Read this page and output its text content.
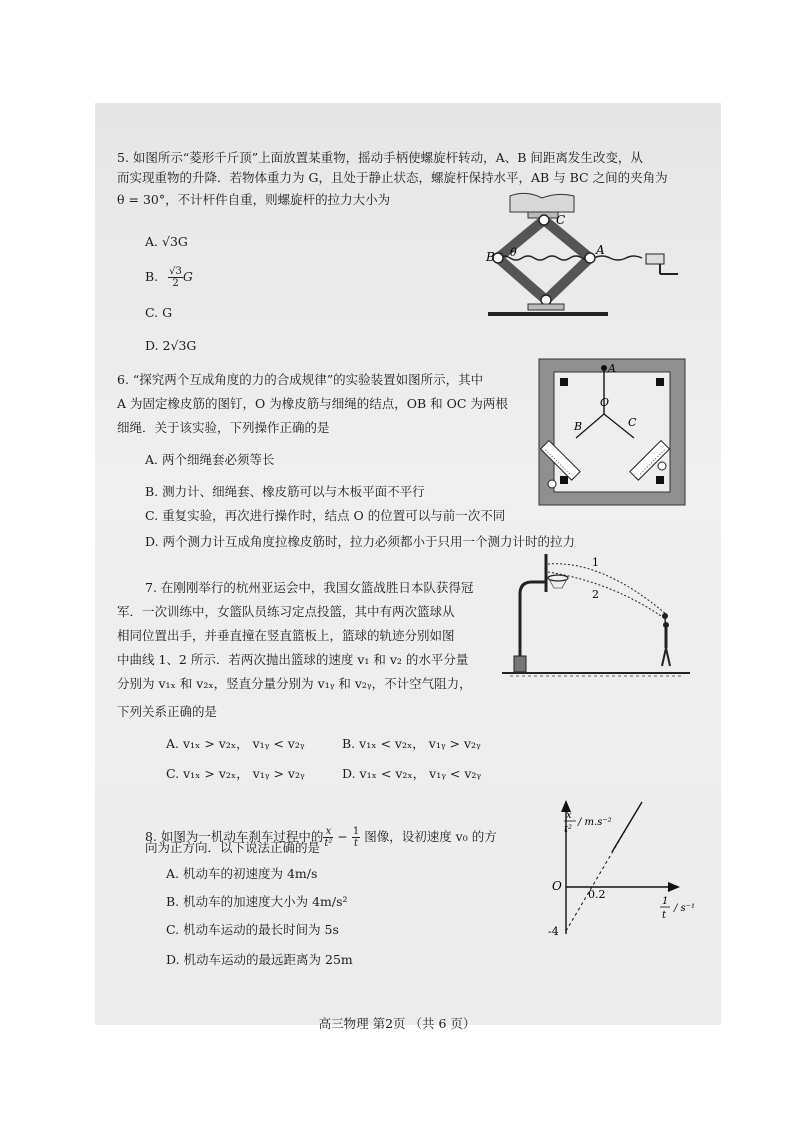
5. 如图所示“菱形千斤顶”上面放置某重物，摇动手柄使螺旋杆转动，A、B 间距离发生改变，从
而实现重物的升降．若物体重力为 G，且处于静止状态，螺旋杆保持水平，AB 与 BC 之间的夹角为
θ = 30°，不计杆件自重，则螺旋杆的拉力大小为
A. √3G
B. $\frac{√3}{2}$ G
C. G
D. 2√3G
C
B	A
θ
6. “探究两个互成角度的力的合成规律”的实验装置如图所示，其中
A 为固定橡皮筋的图钉，O 为橡皮筋与细绳的结点，OB 和 OC 为两根
细绳．关于该实验，下列操作正确的是
A. 两个细绳套必须等长
B. 测力计、细绳套、橡皮筋可以与木板平面不平行
C. 重复实验，再次进行操作时，结点 O 的位置可以与前一次不同
D. 两个测力计互成角度拉橡皮筋时，拉力必须都小于只用一个测力计时的拉力
A
O
B	C
7. 在刚刚举行的杭州亚运会中，我国女篮战胜日本队获得冠
军．一次训练中，女篮队员练习定点投篮，其中有两次篮球从
相同位置出手，并垂直撞在竖直篮板上，篮球的轨迹分别如图
中曲线 1、2 所示．若两次抛出篮球的速度 v₁ 和 v₂ 的水平分量
分别为 v₁ₓ 和 v₂ₓ，竖直分量分别为 v₁ᵧ 和 v₂ᵧ，不计空气阻力，
下列关系正确的是
A. v₁ₓ > v₂ₓ， v₁ᵧ < v₂ᵧ	B. v₁ₓ < v₂ₓ， v₁ᵧ > v₂ᵧ
C. v₁ₓ > v₂ₓ， v₁ᵧ > v₂ᵧ	D. v₁ₓ < v₂ₓ， v₁ᵧ < v₂ᵧ
1
2
8. 如图为一机动车刹车过程中的 $\frac{x}{\text{t²}} - \frac{1}{t}$ 图像，设初速度 v₀ 的方
向为正方向．以下说法正确的是
A. 机动车的初速度为 4m/s
B. 机动车的加速度大小为 4m/s²
C. 机动车运动的最长时间为 5s
D. 机动车运动的最远距离为 25m
x
t²
/ m.s⁻²
1
t
/ s⁻¹
O
0.2
-4
高三物理 第2页 （共 6 页）
